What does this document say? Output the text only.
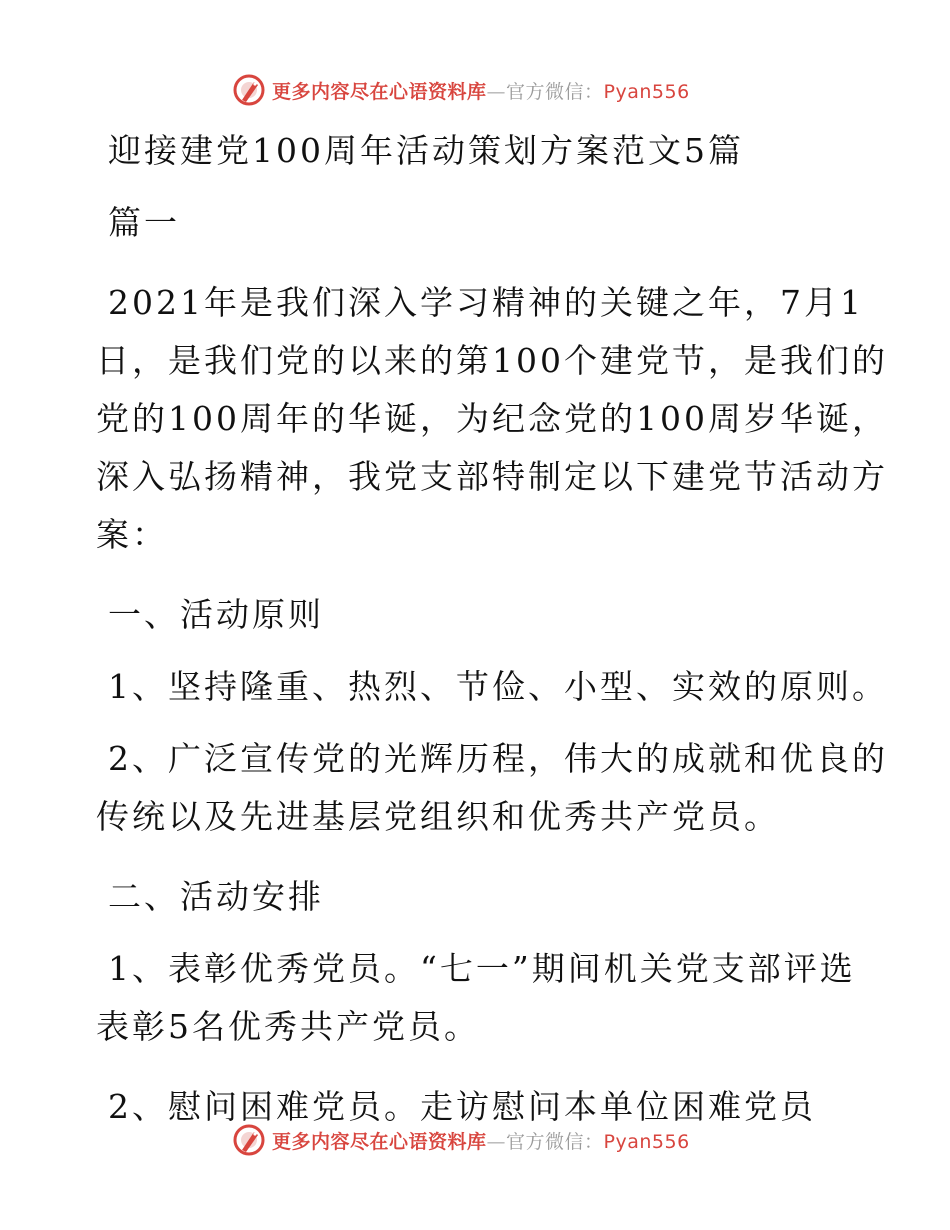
更多内容尽在心语资料库—官方微信：Pyan556

迎接建党100周年活动策划方案范文5篇

篇一

2021年是我们深入学习精神的关键之年，7月1

日，是我们党的以来的第100个建党节，是我们的

党的100周年的华诞，为纪念党的100周岁华诞，

深入弘扬精神，我党支部特制定以下建党节活动方

案：

一、活动原则

1、坚持隆重、热烈、节俭、小型、实效的原则。

2、广泛宣传党的光辉历程，伟大的成就和优良的

传统以及先进基层党组织和优秀共产党员。

二、活动安排

1、表彰优秀党员。“七一”期间机关党支部评选

表彰5名优秀共产党员。

2、慰问困难党员。走访慰问本单位困难党员

更多内容尽在心语资料库—官方微信：Pyan556
